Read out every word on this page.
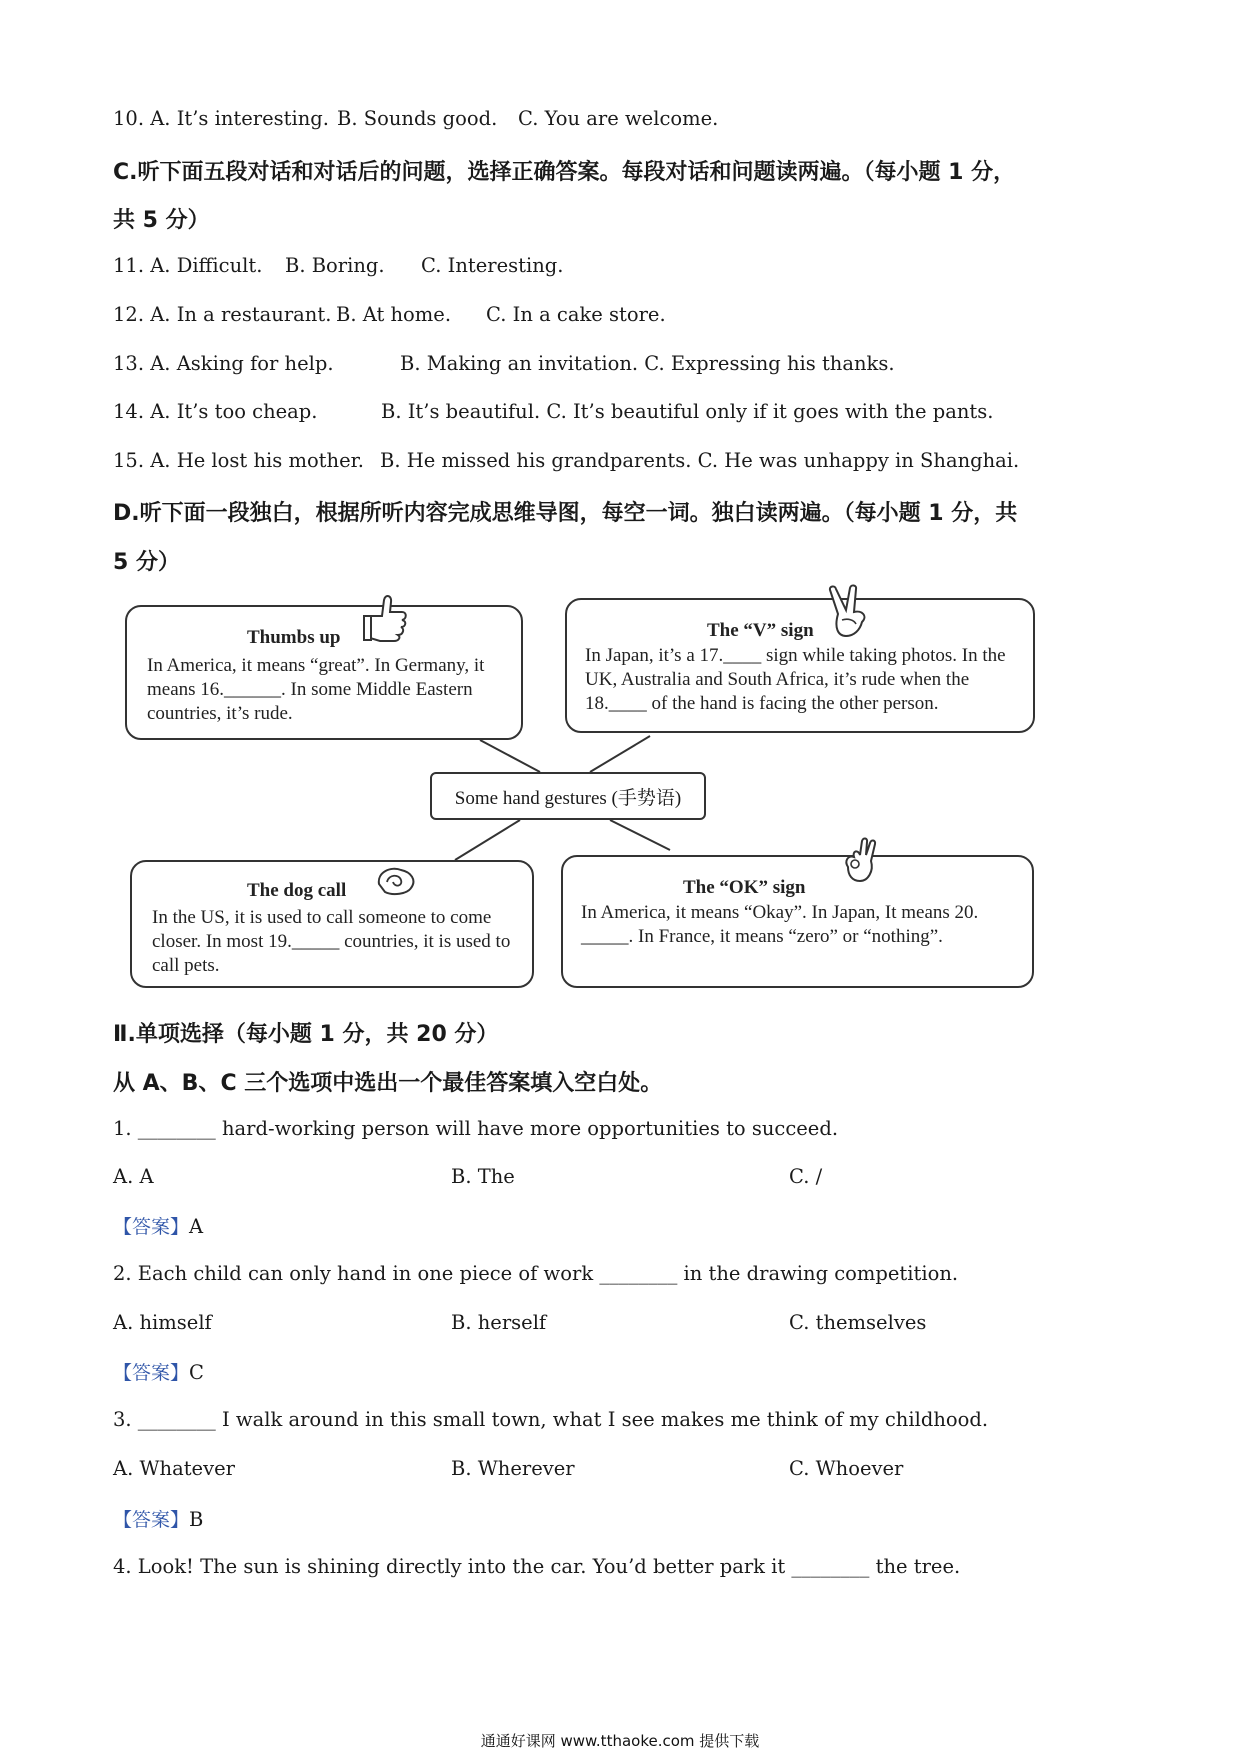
10. A. It’s interesting. B. Sounds good. C. You are welcome.
C.听下面五段对话和对话后的问题，选择正确答案。每段对话和问题读两遍。（每小题 1 分，
共 5 分）
11. A. Difficult. B. Boring. C. Interesting.
12. A. In a restaurant. B. At home. C. In a cake store.
13. A. Asking for help.	B. Making an invitation. C. Expressing his thanks.
14. A. It’s too cheap.	B. It’s beautiful. C. It’s beautiful only if it goes with the pants.
15. A. He lost his mother. B. He missed his grandparents. C. He was unhappy in Shanghai.
D.听下面一段独白，根据所听内容完成思维导图，每空一词。独白读两遍。（每小题 1 分，共
5 分）
Thumbs up
In America, it means “great”. In Germany, it means 16.______. In some Middle Eastern countries, it’s rude.
The “V” sign
In Japan, it’s a 17.____ sign while taking photos. In the UK, Australia and South Africa, it’s rude when the 18.____ of the hand is facing the other person.
Some hand gestures (手势语)
The dog call
In the US, it is used to call someone to come closer. In most 19._____ countries, it is used to call pets.
The “OK” sign
In America, it means “Okay”. In Japan, It means 20. _____. In France, it means “zero” or “nothing”.
Ⅱ.单项选择（每小题 1 分，共 20 分）
从 A、B、C 三个选项中选出一个最佳答案填入空白处。
1. ________ hard-working person will have more opportunities to succeed.
A. A	B. The	C. /
【答案】A
2. Each child can only hand in one piece of work ________ in the drawing competition.
A. himself	B. herself	C. themselves
【答案】C
3. ________ I walk around in this small town, what I see makes me think of my childhood.
A. Whatever	B. Wherever	C. Whoever
【答案】B
4. Look! The sun is shining directly into the car. You’d better park it ________ the tree.
通通好课网 www.tthaoke.com 提供下载
